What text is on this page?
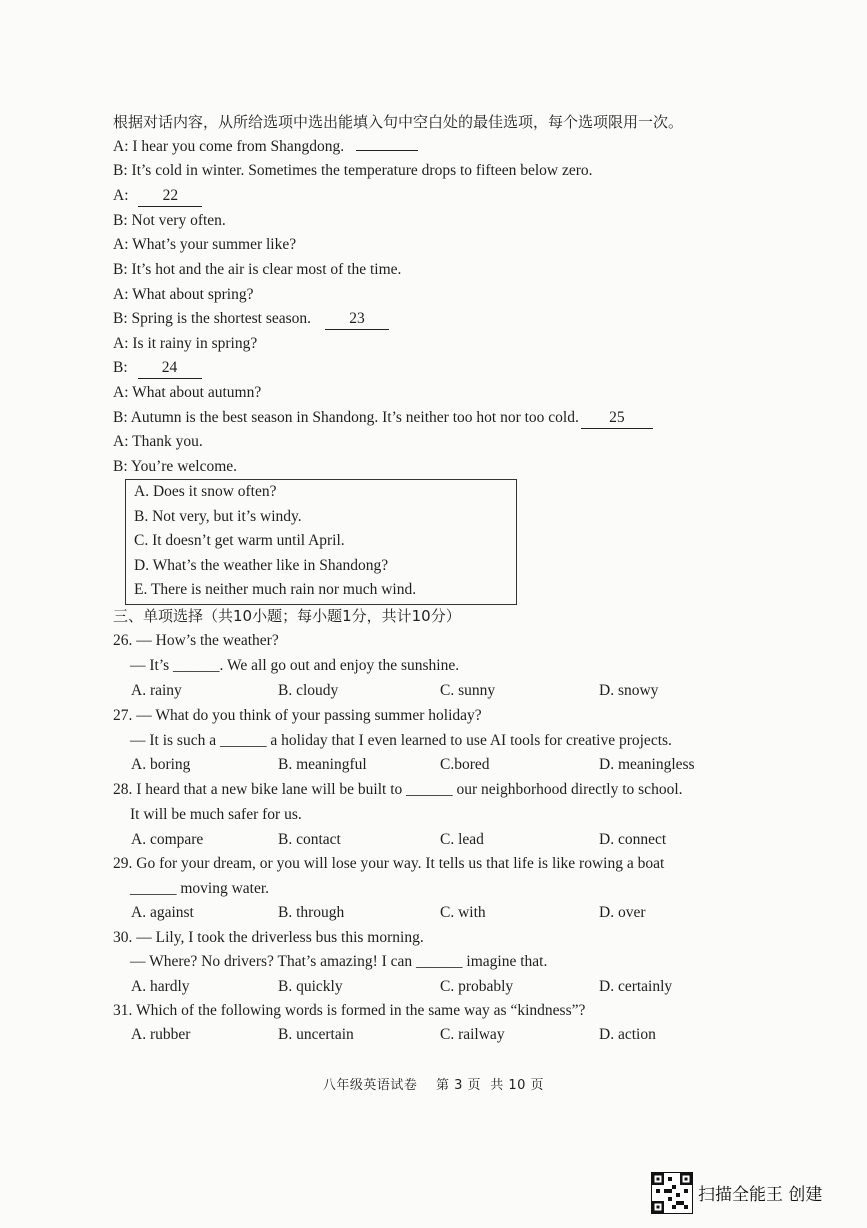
根据对话内容，从所给选项中选出能填入句中空白处的最佳选项，每个选项限用一次。
A: I hear you come from Shangdong.
B: It’s cold in winter. Sometimes the temperature drops to fifteen below zero.
A: 22
B: Not very often.
A: What’s your summer like?
B: It’s hot and the air is clear most of the time.
A: What about spring?
B: Spring is the shortest season. 23
A: Is it rainy in spring?
B: 24
A: What about autumn?
B: Autumn is the best season in Shandong. It’s neither too hot nor too cold. 25
A: Thank you.
B: You’re welcome.
A. Does it snow often?
B. Not very, but it’s windy.
C. It doesn’t get warm until April.
D. What’s the weather like in Shandong?
E. There is neither much rain nor much wind.
三、单项选择（共10小题；每小题1分，共计10分）
26. — How’s the weather?
— It’s ______. We all go out and enjoy the sunshine.
A. rainy	B. cloudy	C. sunny	D. snowy
27. — What do you think of your passing summer holiday?
— It is such a ______ a holiday that I even learned to use AI tools for creative projects.
A. boring	B. meaningful	C.bored	D. meaningless
28. I heard that a new bike lane will be built to ______ our neighborhood directly to school.
It will be much safer for us.
A. compare	B. contact	C. lead	D. connect
29. Go for your dream, or you will lose your way. It tells us that life is like rowing a boat
______ moving water.
A. against	B. through	C. with	D. over
30. — Lily, I took the driverless bus this morning.
— Where? No drivers? That’s amazing! I can ______ imagine that.
A. hardly	B. quickly	C. probably	D. certainly
31. Which of the following words is formed in the same way as “kindness”?
A. rubber	B. uncertain	C. railway	D. action
八年级英语试卷    第 3 页  共 10 页
扫描全能王 创建
